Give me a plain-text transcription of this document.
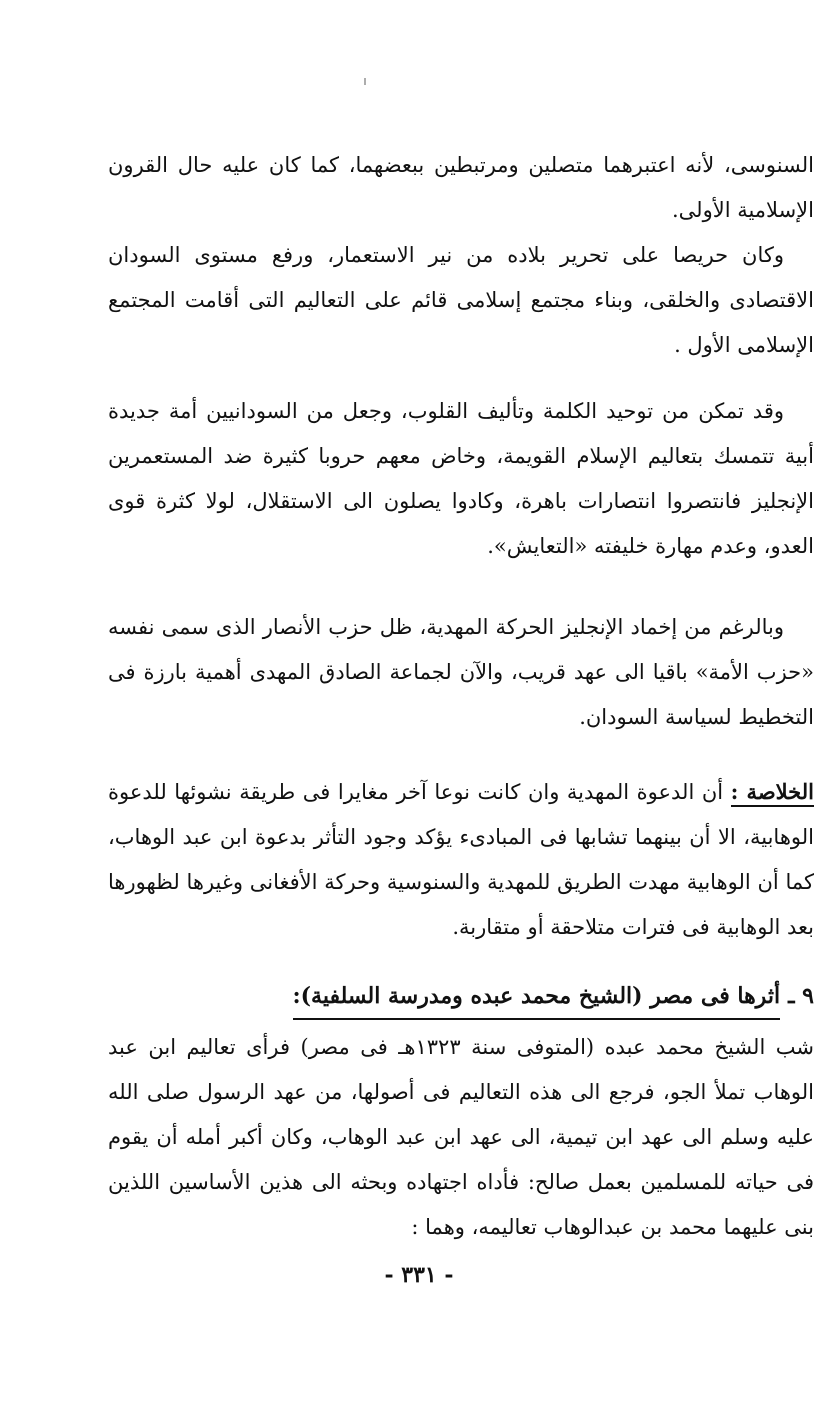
السنوسى، لأنه اعتبرهما متصلين ومرتبطين ببعضهما، كما كان عليه حال القرون الإسلامية الأولى.

وكان حريصا على تحرير بلاده من نير الاستعمار، ورفع مستوى السودان الاقتصادى والخلقى، وبناء مجتمع إسلامى قائم على التعاليم التى أقامت المجتمع الإسلامى الأول .

وقد تمكن من توحيد الكلمة وتأليف القلوب، وجعل من السودانيين أمة جديدة أبية تتمسك بتعاليم الإسلام القويمة، وخاض معهم حروبا كثيرة ضد المستعمرين الإنجليز فانتصروا انتصارات باهرة، وكادوا يصلون الى الاستقلال، لولا كثرة قوى العدو، وعدم مهارة خليفته «التعايش».

وبالرغم من إخماد الإنجليز الحركة المهدية، ظل حزب الأنصار الذى سمى نفسه «حزب الأمة» باقيا الى عهد قريب، والآن لجماعة الصادق المهدى أهمية بارزة فى التخطيط لسياسة السودان.

الخلاصة : أن الدعوة المهدية وان كانت نوعا آخر مغايرا فى طريقة نشوئها للدعوة الوهابية، الا أن بينهما تشابها فى المبادىء يؤكد وجود التأثر بدعوة ابن عبد الوهاب، كما أن الوهابية مهدت الطريق للمهدية والسنوسية وحركة الأفغانى وغيرها لظهورها بعد الوهابية فى فترات متلاحقة أو متقاربة.

٩ ـأثرها فى مصر (الشيخ محمد عبده ومدرسة السلفية):

شب الشيخ محمد عبده (المتوفى سنة ١٣٢٣هـ فى مصر) فرأى تعاليم ابن عبد الوهاب تملأ الجو، فرجع الى هذه التعاليم فى أصولها، من عهد الرسول صلى الله عليه وسلم الى عهد ابن تيمية، الى عهد ابن عبد الوهاب، وكان أكبر أمله أن يقوم فى حياته للمسلمين بعمل صالح: فأداه اجتهاده وبحثه الى هذين الأساسين اللذين بنى عليهما محمد بن عبدالوهاب تعاليمه، وهما :

- ٣٣١ -
